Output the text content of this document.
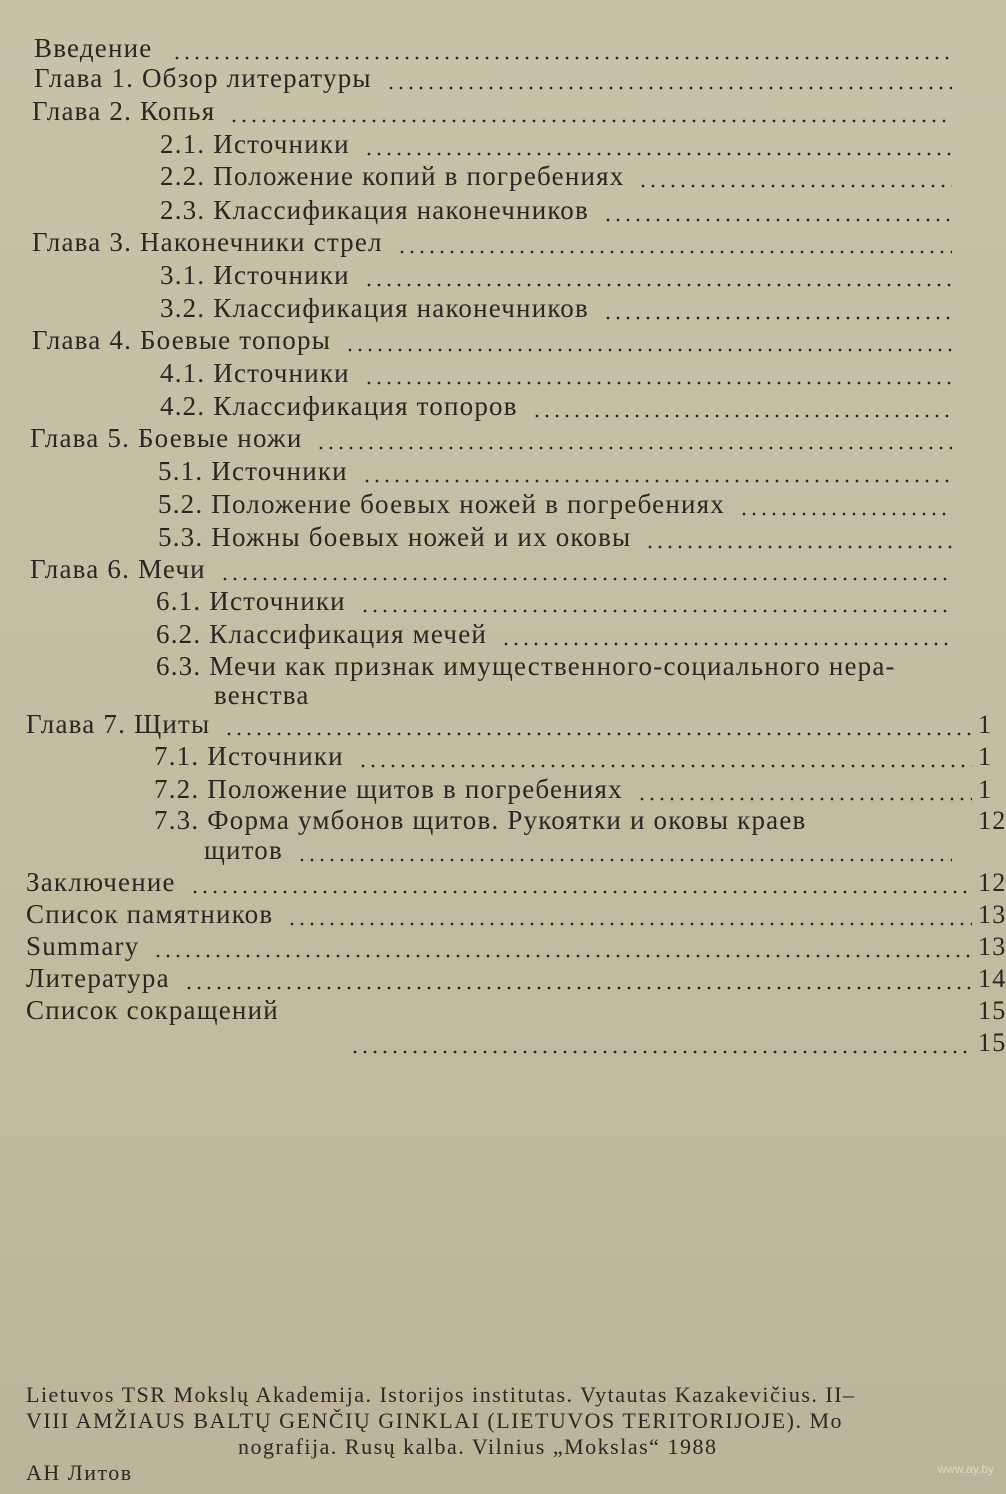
Введение
Глава 1. Обзор литературы
Глава 2. Копья
2.1. Источники
2.2. Положение копий в погребениях
2.3. Классификация наконечников
Глава 3. Наконечники стрел
3.1. Источники
3.2. Классификация наконечников
Глава 4. Боевые топоры
4.1. Источники
4.2. Классификация топоров
Глава 5. Боевые ножи
5.1. Источники
5.2. Положение боевых ножей в погребениях
5.3. Ножны боевых ножей и их оковы
Глава 6. Мечи
6.1. Источники
6.2. Классификация мечей
6.3. Мечи как признак имущественного-социального нера-
венства
Глава 7. Щиты	1
7.1. Источники	1
7.2. Положение щитов в погребениях	1
7.3. Форма умбонов щитов. Рукоятки и оковы краев	12
щитов
Заключение	12
Список памятников	13
Summary	13
Литература	14
Список сокращений	15
15
Lietuvos TSR Mokslų Akademija. Istorijos institutas. Vytautas Kazakevičius. II–
VIII AMŽIAUS BALTŲ GENČIŲ GINKLAI (LIETUVOS TERITORIJOJE). Mo
nografija. Rusų kalba. Vilnius „Mokslas“ 1988
АН Литов	www.ay.by
